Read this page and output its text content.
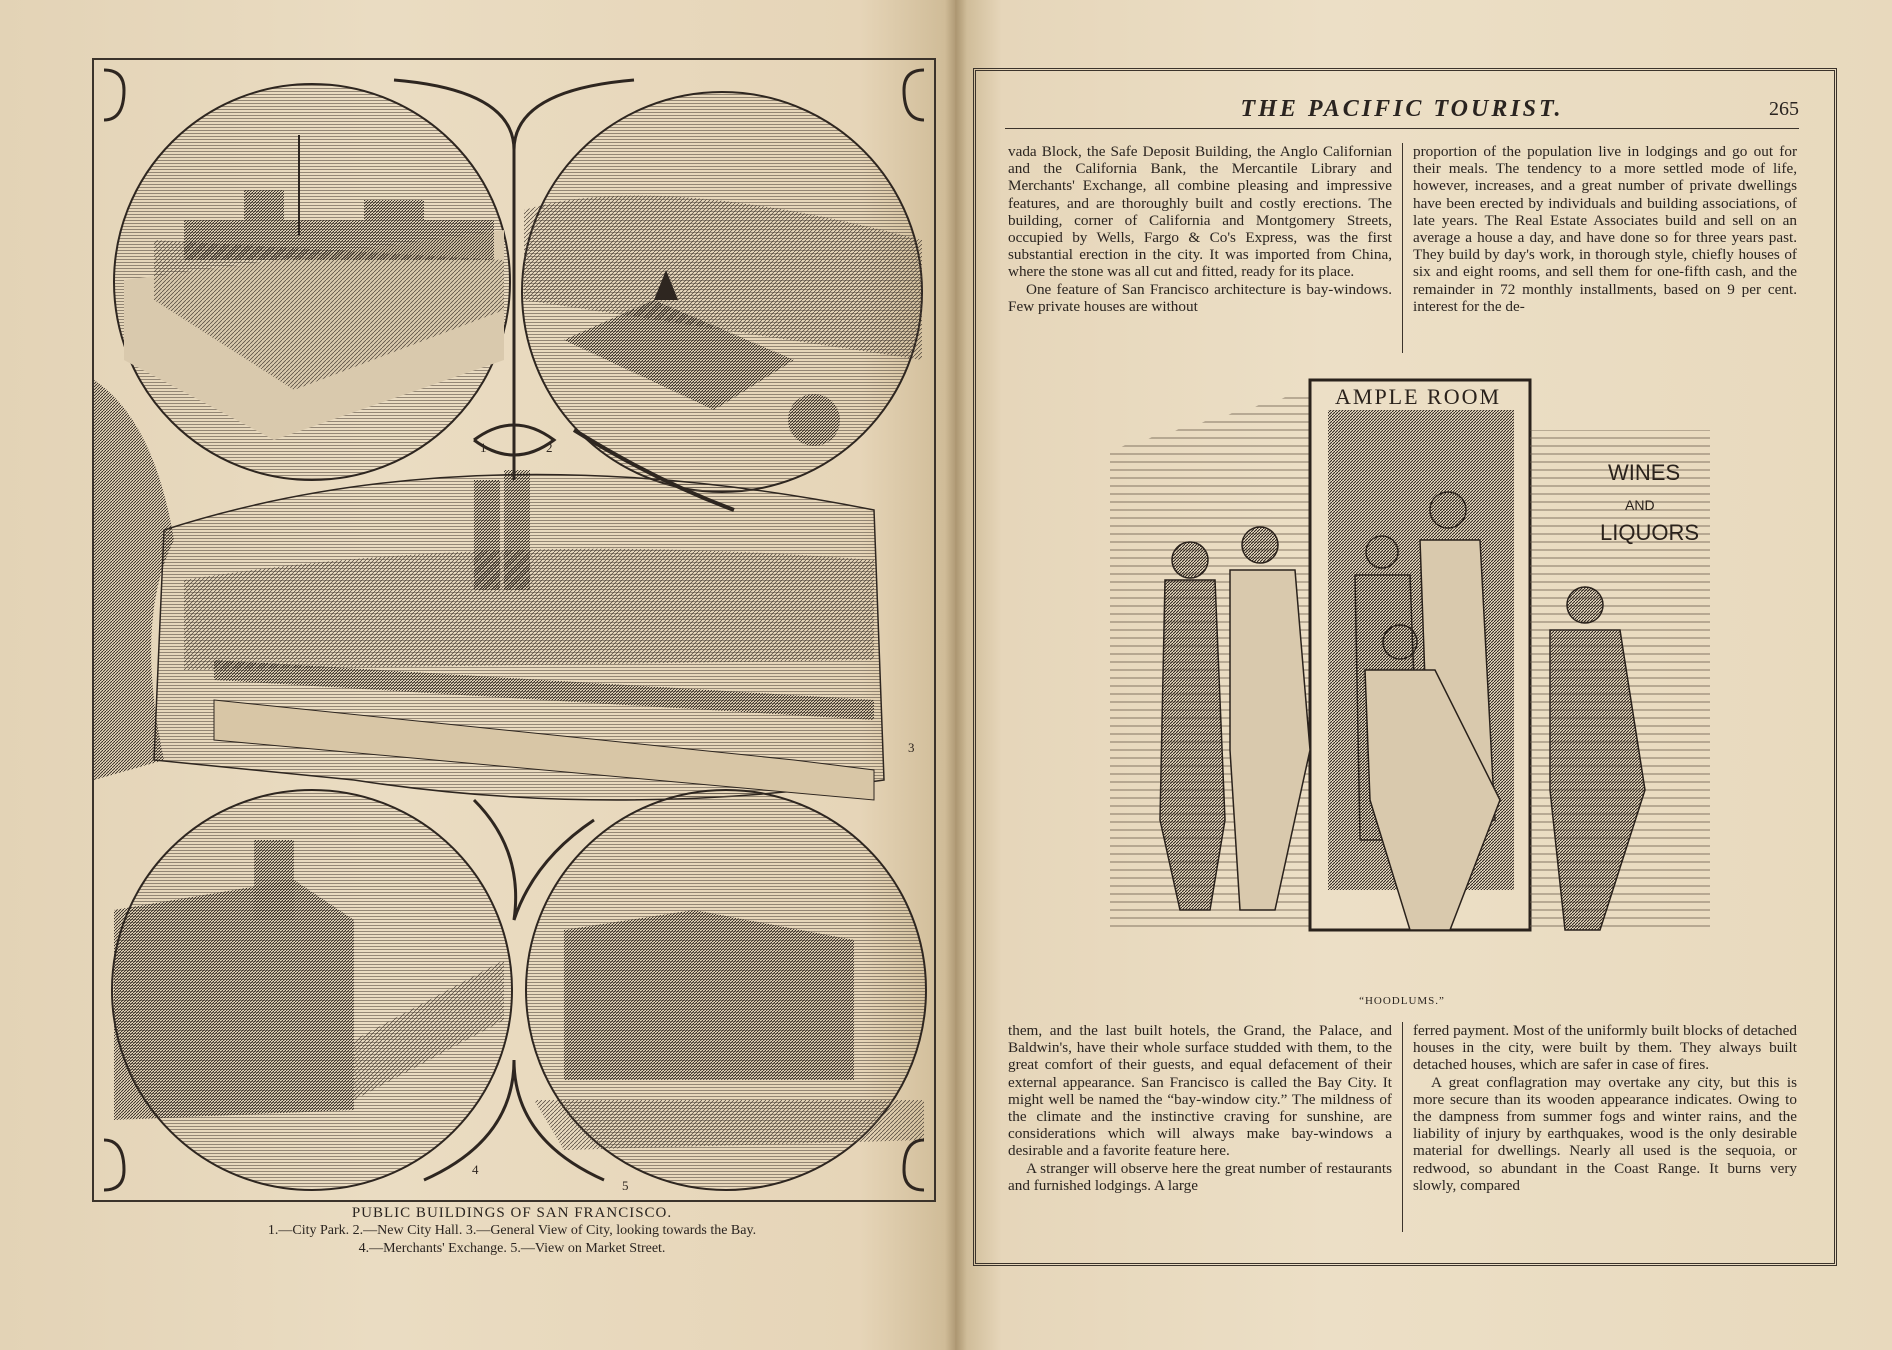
1	2
3
4
5
PUBLIC BUILDINGS OF SAN FRANCISCO.
1.—City Park. 2.—New City Hall. 3.—General View of City, looking towards the Bay.
4.—Merchants' Exchange. 5.—View on Market Street.
THE PACIFIC TOURIST.	265

vada Block, the Safe Deposit Building, the Anglo Californian and the California Bank, the Mercantile Library and Merchants' Exchange, all combine pleasing and impressive features, and are thoroughly built and costly erections. The building, corner of California and Montgomery Streets, occupied by Wells, Fargo & Co's Express, was the first substantial erection in the city. It was imported from China, where the stone was all cut and fitted, ready for its place.

One feature of San Francisco architecture is bay-windows. Few private houses are without

proportion of the population live in lodgings and go out for their meals. The tendency to a more settled mode of life, however, increases, and a great number of private dwellings have been erected by individuals and building associations, of late years. The Real Estate Associates build and sell on an average a house a day, and have done so for three years past. They build by day's work, in thorough style, chiefly houses of six and eight rooms, and sell them for one-fifth cash, and the remainder in 72 monthly installments, based on 9 per cent. interest for the de-

AMPLE ROOM
WINES
AND
LIQUORS
“HOODLUMS.”

them, and the last built hotels, the Grand, the Palace, and Baldwin's, have their whole surface studded with them, to the great comfort of their guests, and equal defacement of their external appearance. San Francisco is called the Bay City. It might well be named the “bay-window city.” The mildness of the climate and the instinctive craving for sunshine, are considerations which will always make bay-windows a desirable and a favorite feature here.

A stranger will observe here the great number of restaurants and furnished lodgings. A large

ferred payment. Most of the uniformly built blocks of detached houses in the city, were built by them. They always built detached houses, which are safer in case of fires.

A great conflagration may overtake any city, but this is more secure than its wooden appearance indicates. Owing to the dampness from summer fogs and winter rains, and the liability of injury by earthquakes, wood is the only desirable material for dwellings. Nearly all used is the sequoia, or redwood, so abundant in the Coast Range. It burns very slowly, compared
